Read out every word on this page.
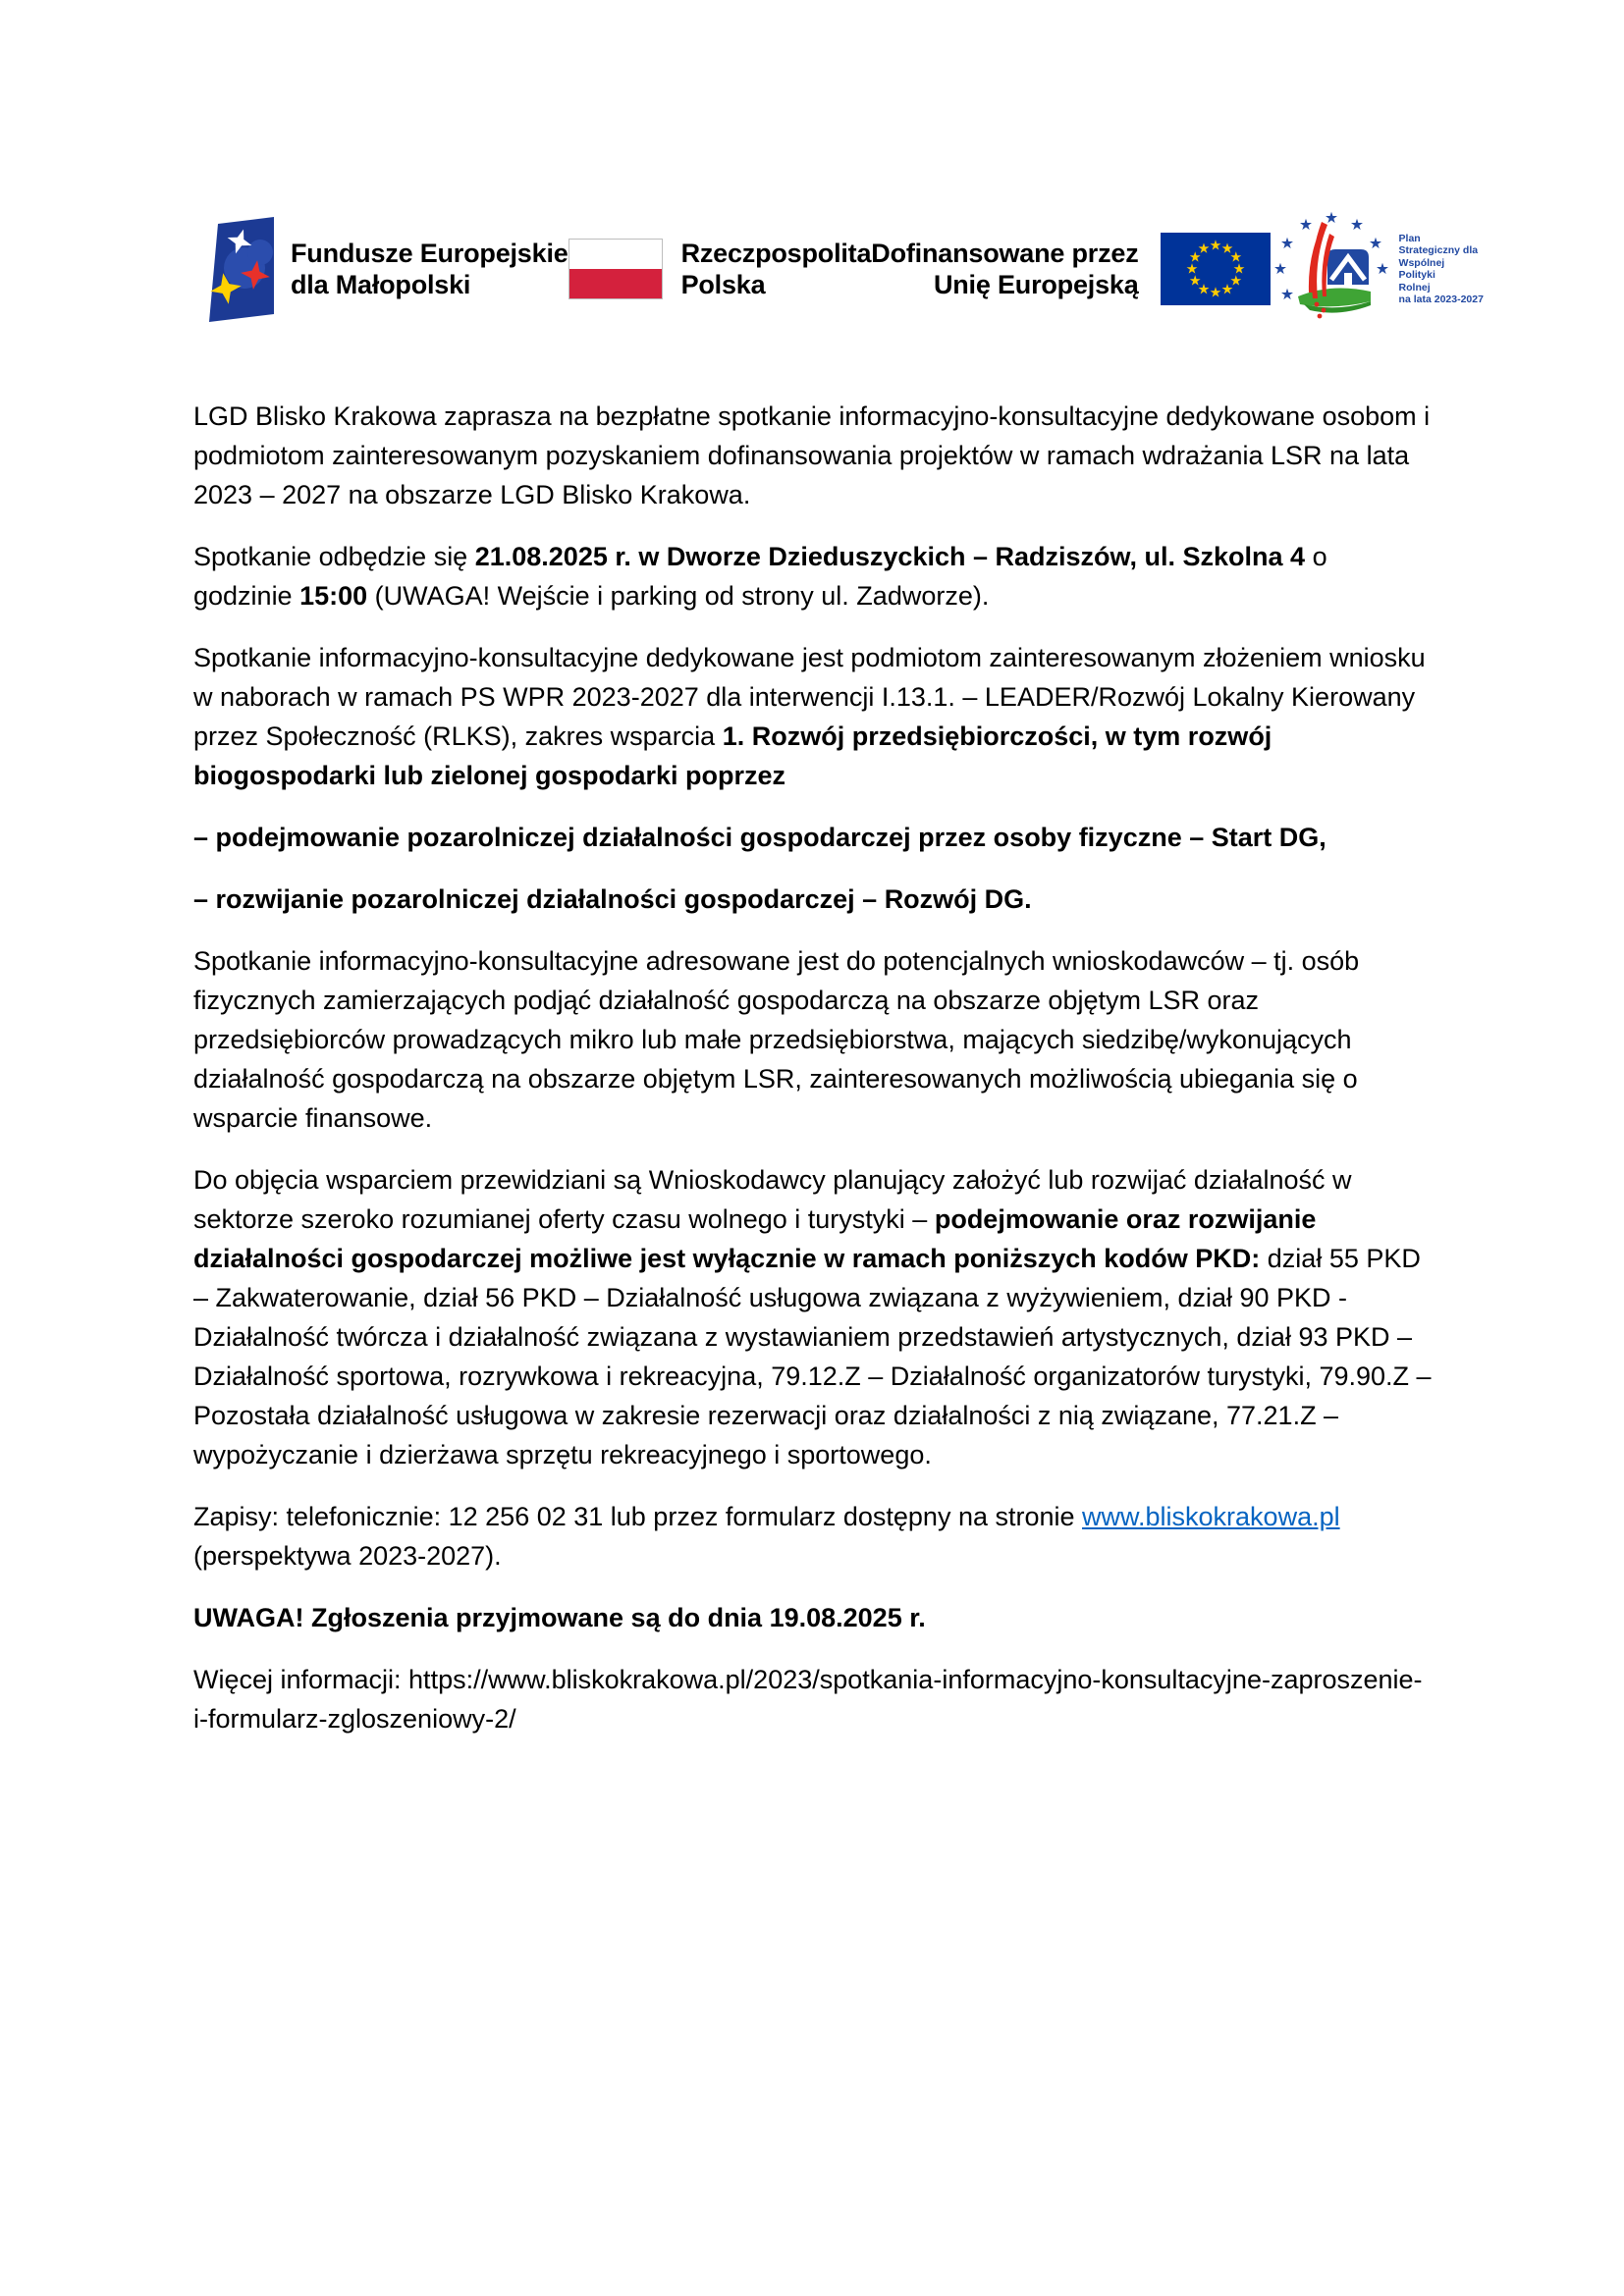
Fundusze Europejskie
dla Małopolski
Rzeczpospolita
Polska
Dofinansowane przez
Unię Europejską
Plan
Strategiczny dla
Wspólnej
Polityki
Rolnej
na lata 2023-2027

LGD Blisko Krakowa zaprasza na bezpłatne spotkanie informacyjno-konsultacyjne dedykowane osobom i podmiotom zainteresowanym pozyskaniem dofinansowania projektów w ramach wdrażania LSR na lata 2023 – 2027 na obszarze LGD Blisko Krakowa.

Spotkanie odbędzie się 21.08.2025 r. w Dworze Dzieduszyckich – Radziszów, ul. Szkolna 4 o godzinie 15:00 (UWAGA! Wejście i parking od strony ul. Zadworze).

Spotkanie informacyjno-konsultacyjne dedykowane jest podmiotom zainteresowanym złożeniem wniosku w naborach w ramach PS WPR 2023-2027 dla interwencji I.13.1. – LEADER/Rozwój Lokalny Kierowany przez Społeczność (RLKS), zakres wsparcia 1. Rozwój przedsiębiorczości, w tym rozwój biogospodarki lub zielonej gospodarki poprzez

– podejmowanie pozarolniczej działalności gospodarczej przez osoby fizyczne – Start DG,

– rozwijanie pozarolniczej działalności gospodarczej – Rozwój DG.

Spotkanie informacyjno-konsultacyjne adresowane jest do potencjalnych wnioskodawców – tj. osób fizycznych zamierzających podjąć działalność gospodarczą na obszarze objętym LSR oraz przedsiębiorców prowadzących mikro lub małe przedsiębiorstwa, mających siedzibę/wykonujących działalność gospodarczą na obszarze objętym LSR, zainteresowanych możliwością ubiegania się o wsparcie finansowe.

Do objęcia wsparciem przewidziani są Wnioskodawcy planujący założyć lub rozwijać działalność w sektorze szeroko rozumianej oferty czasu wolnego i turystyki – podejmowanie oraz rozwijanie działalności gospodarczej możliwe jest wyłącznie w ramach poniższych kodów PKD: dział 55 PKD – Zakwaterowanie, dział 56 PKD – Działalność usługowa związana z wyżywieniem, dział 90 PKD - Działalność twórcza i działalność związana z wystawianiem przedstawień artystycznych, dział 93 PKD – Działalność sportowa, rozrywkowa i rekreacyjna, 79.12.Z – Działalność organizatorów turystyki, 79.90.Z – Pozostała działalność usługowa w zakresie rezerwacji oraz działalności z nią związane, 77.21.Z – wypożyczanie i dzierżawa sprzętu rekreacyjnego i sportowego.

Zapisy: telefonicznie: 12 256 02 31 lub przez formularz dostępny na stronie www.bliskokrakowa.pl (perspektywa 2023-2027).

UWAGA! Zgłoszenia przyjmowane są do dnia 19.08.2025 r.

Więcej informacji: https://www.bliskokrakowa.pl/2023/spotkania-informacyjno-konsultacyjne-zaproszenie-i-formularz-zgloszeniowy-2/
